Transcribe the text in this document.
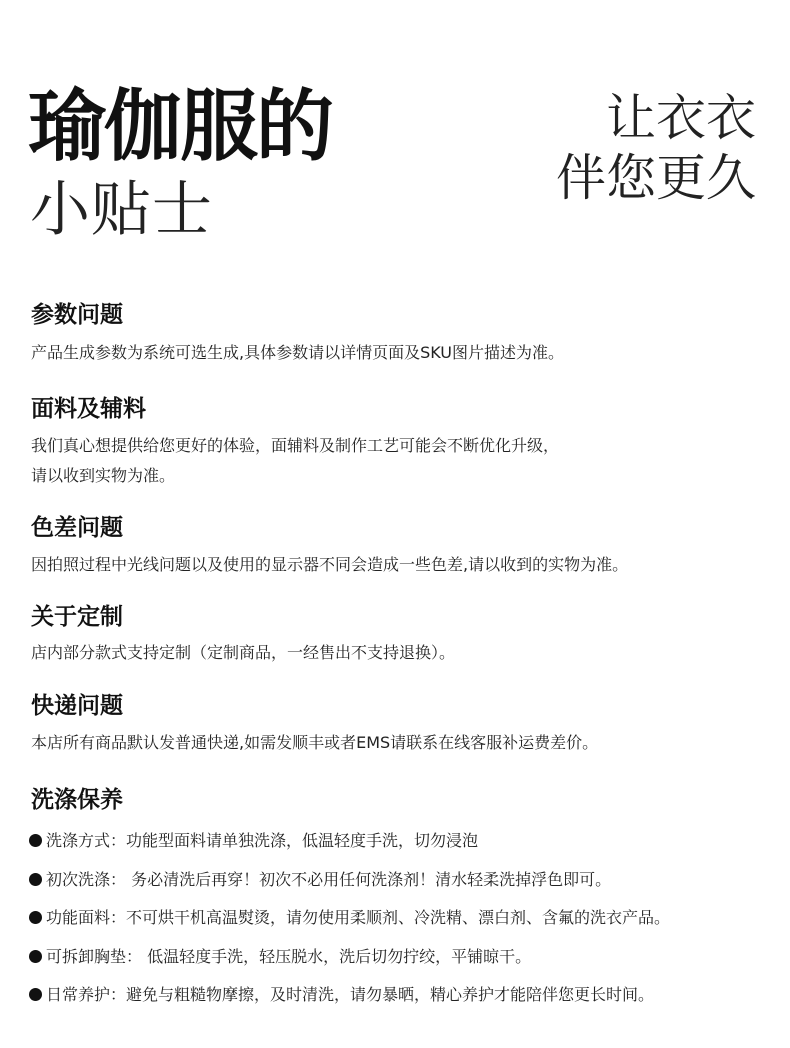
瑜伽服的
小贴士
让衣衣
伴您更久
参数问题

产品生成参数为系统可选生成,具体参数请以详情页面及SKU图片描述为准。

面料及辅料

我们真心想提供给您更好的体验，面辅料及制作工艺可能会不断优化升级，

请以收到实物为准。

色差问题

因拍照过程中光线问题以及使用的显示器不同会造成一些色差,请以收到的实物为准。

关于定制

店内部分款式支持定制（定制商品，一经售出不支持退换）。

快递问题

本店所有商品默认发普通快递,如需发顺丰或者EMS请联系在线客服补运费差价。

洗涤保养
洗涤方式：功能型面料请单独洗涤，低温轻度手洗，切勿浸泡
初次洗涤： 务必清洗后再穿！初次不必用任何洗涤剂！清水轻柔洗掉浮色即可。
功能面料：不可烘干机高温熨烫，请勿使用柔顺剂、冷洗精、漂白剂、含氟的洗衣产品。
可拆卸胸垫： 低温轻度手洗，轻压脱水，洗后切勿拧绞，平铺晾干。
日常养护：避免与粗糙物摩擦，及时清洗，请勿暴晒，精心养护才能陪伴您更长时间。
